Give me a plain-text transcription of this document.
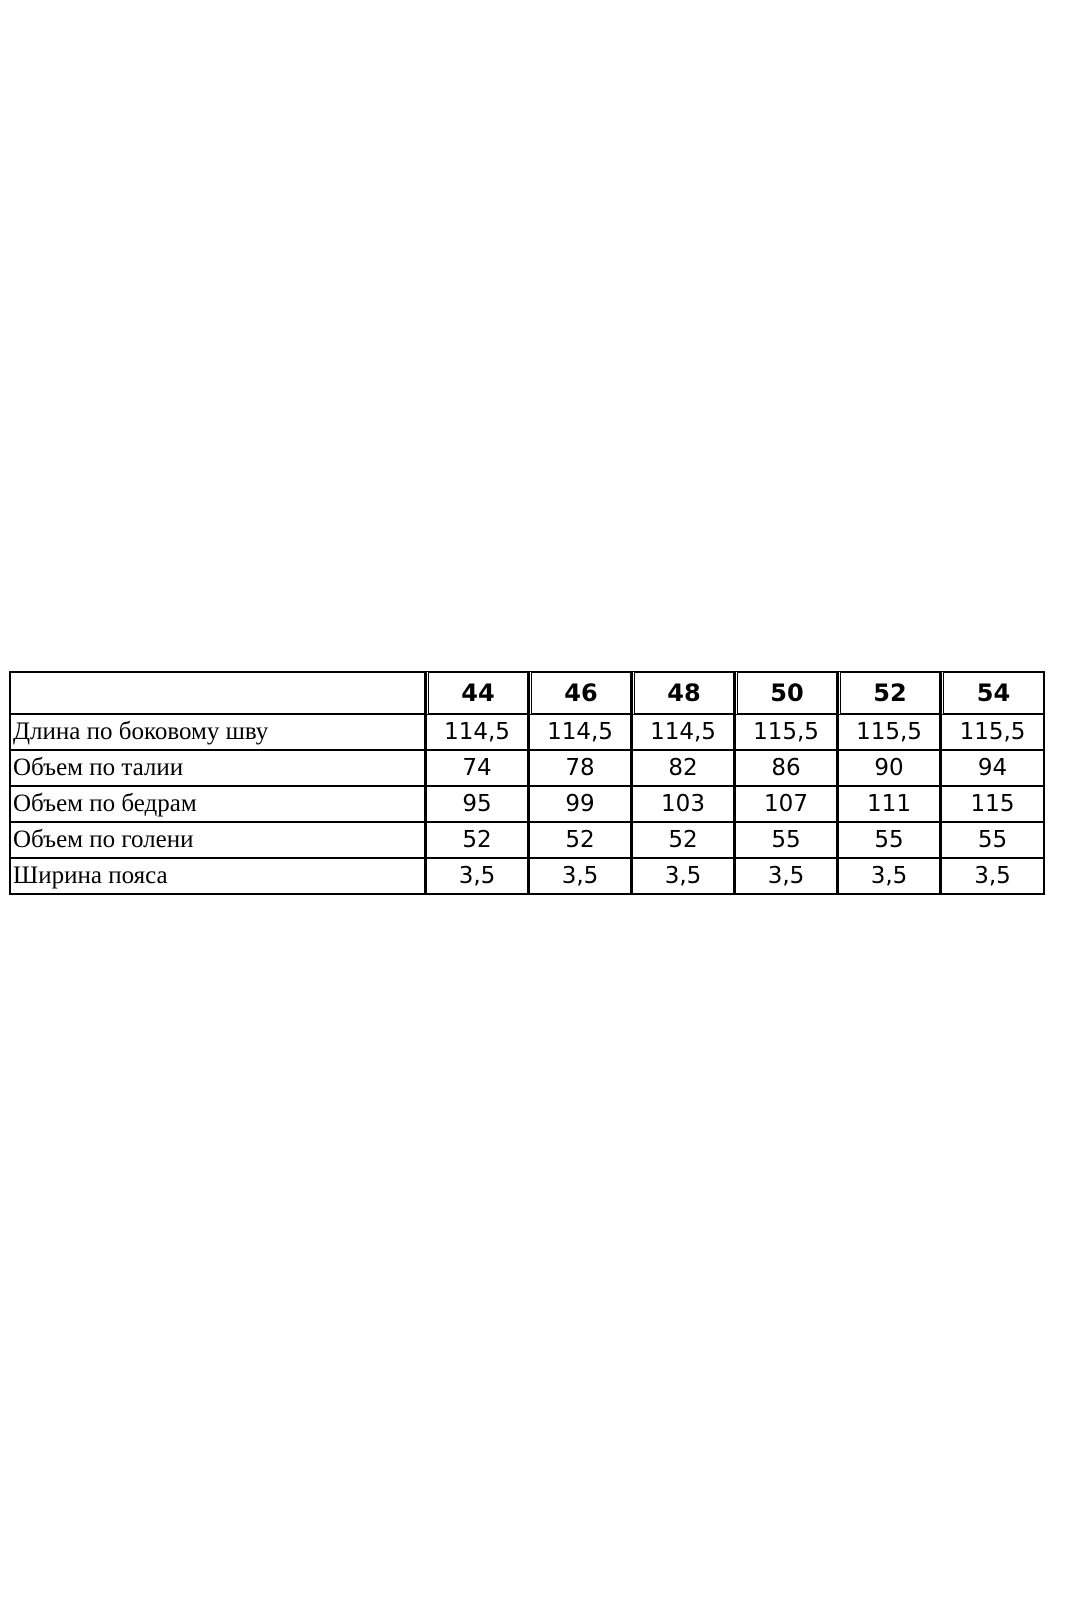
	44	46	48	50	52	54
Длина по боковому шву	114,5	114,5	114,5	115,5	115,5	115,5
Объем по талии	74	78	82	86	90	94
Объем по бедрам	95	99	103	107	111	115
Объем по голени	52	52	52	55	55	55
Ширина пояса	3,5	3,5	3,5	3,5	3,5	3,5
